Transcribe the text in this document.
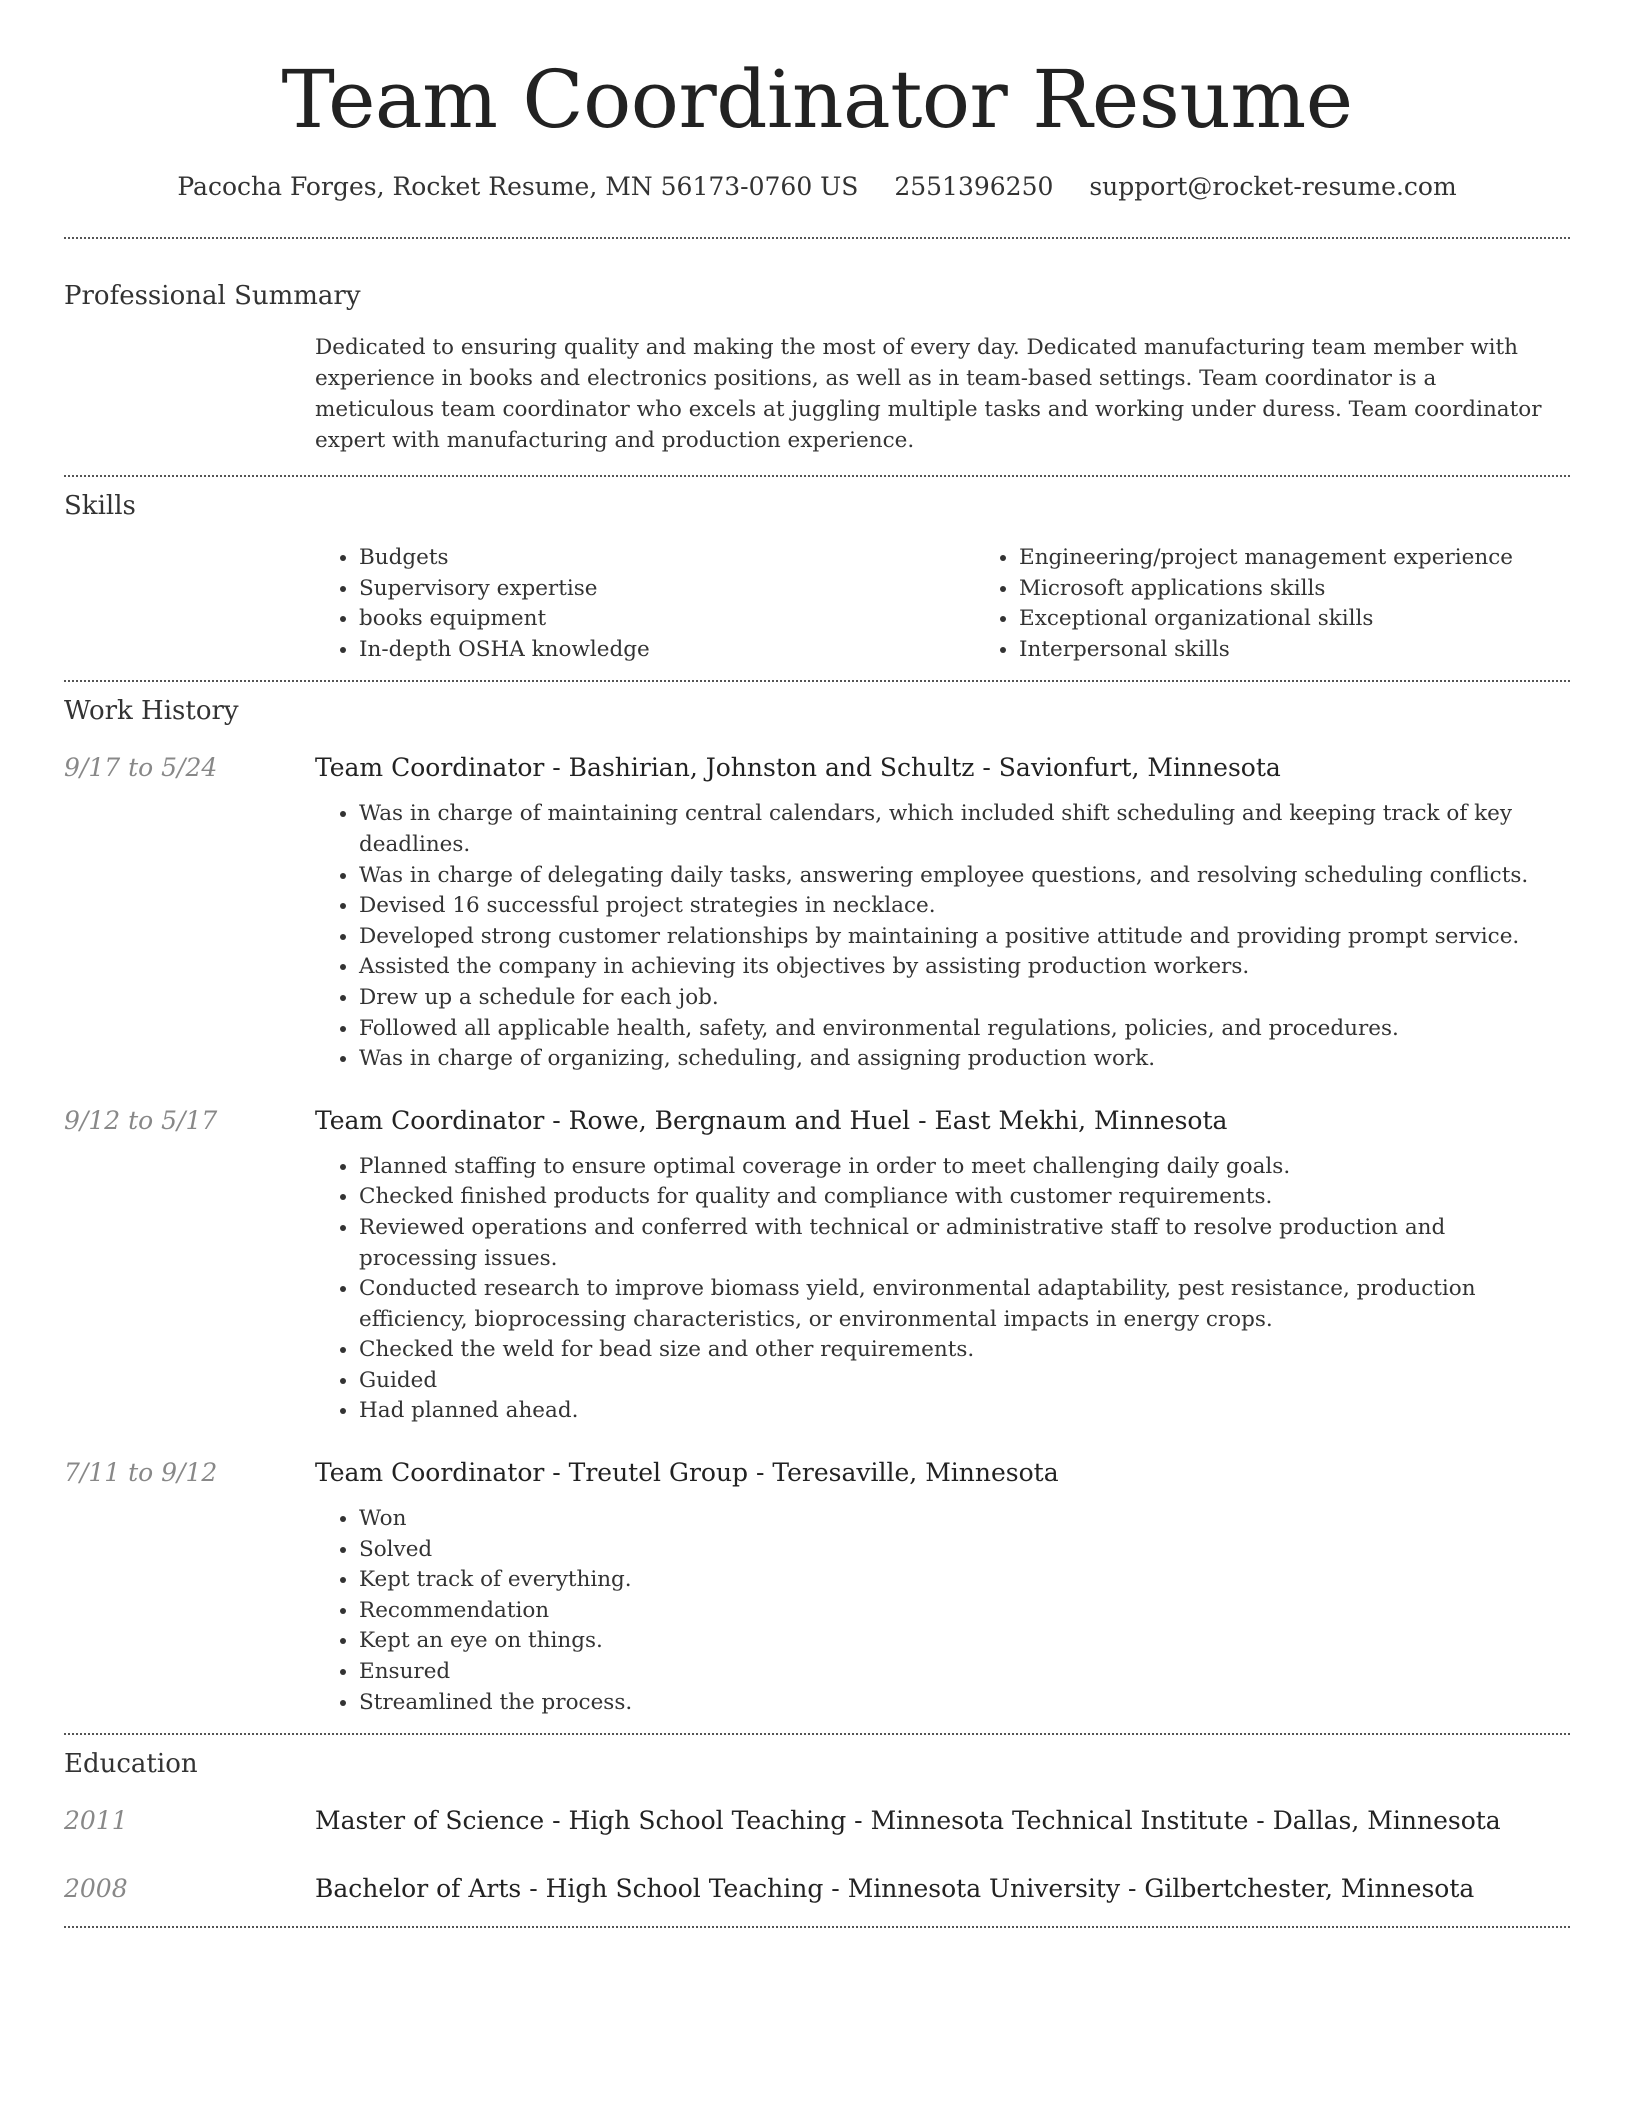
Team Coordinator Resume
Pacocha Forges, Rocket Resume, MN 56173-0760 US 2551396250 support@rocket-resume.com
Professional Summary
Dedicated to ensuring quality and making the most of every day. Dedicated manufacturing team member with experience in books and electronics positions, as well as in team-based settings. Team coordinator is a meticulous team coordinator who excels at juggling multiple tasks and working under duress. Team coordinator expert with manufacturing and production experience.
Skills
• Budgets
• Supervisory expertise
• books equipment
• In-depth OSHA knowledge
• Engineering/project management experience
• Microsoft applications skills
• Exceptional organizational skills
• Interpersonal skills
Work History
9/17 to 5/24	Team Coordinator - Bashirian, Johnston and Schultz - Savionfurt, Minnesota
• Was in charge of maintaining central calendars, which included shift scheduling and keeping track of key deadlines.
• Was in charge of delegating daily tasks, answering employee questions, and resolving scheduling conflicts.
• Devised 16 successful project strategies in necklace.
• Developed strong customer relationships by maintaining a positive attitude and providing prompt service.
• Assisted the company in achieving its objectives by assisting production workers.
• Drew up a schedule for each job.
• Followed all applicable health, safety, and environmental regulations, policies, and procedures.
• Was in charge of organizing, scheduling, and assigning production work.
9/12 to 5/17	Team Coordinator - Rowe, Bergnaum and Huel - East Mekhi, Minnesota
• Planned staffing to ensure optimal coverage in order to meet challenging daily goals.
• Checked finished products for quality and compliance with customer requirements.
• Reviewed operations and conferred with technical or administrative staff to resolve production and processing issues.
• Conducted research to improve biomass yield, environmental adaptability, pest resistance, production efficiency, bioprocessing characteristics, or environmental impacts in energy crops.
• Checked the weld for bead size and other requirements.
• Guided
• Had planned ahead.
7/11 to 9/12	Team Coordinator - Treutel Group - Teresaville, Minnesota
• Won
• Solved
• Kept track of everything.
• Recommendation
• Kept an eye on things.
• Ensured
• Streamlined the process.
Education
2011	Master of Science - High School Teaching - Minnesota Technical Institute - Dallas, Minnesota
2008	Bachelor of Arts - High School Teaching - Minnesota University - Gilbertchester, Minnesota
